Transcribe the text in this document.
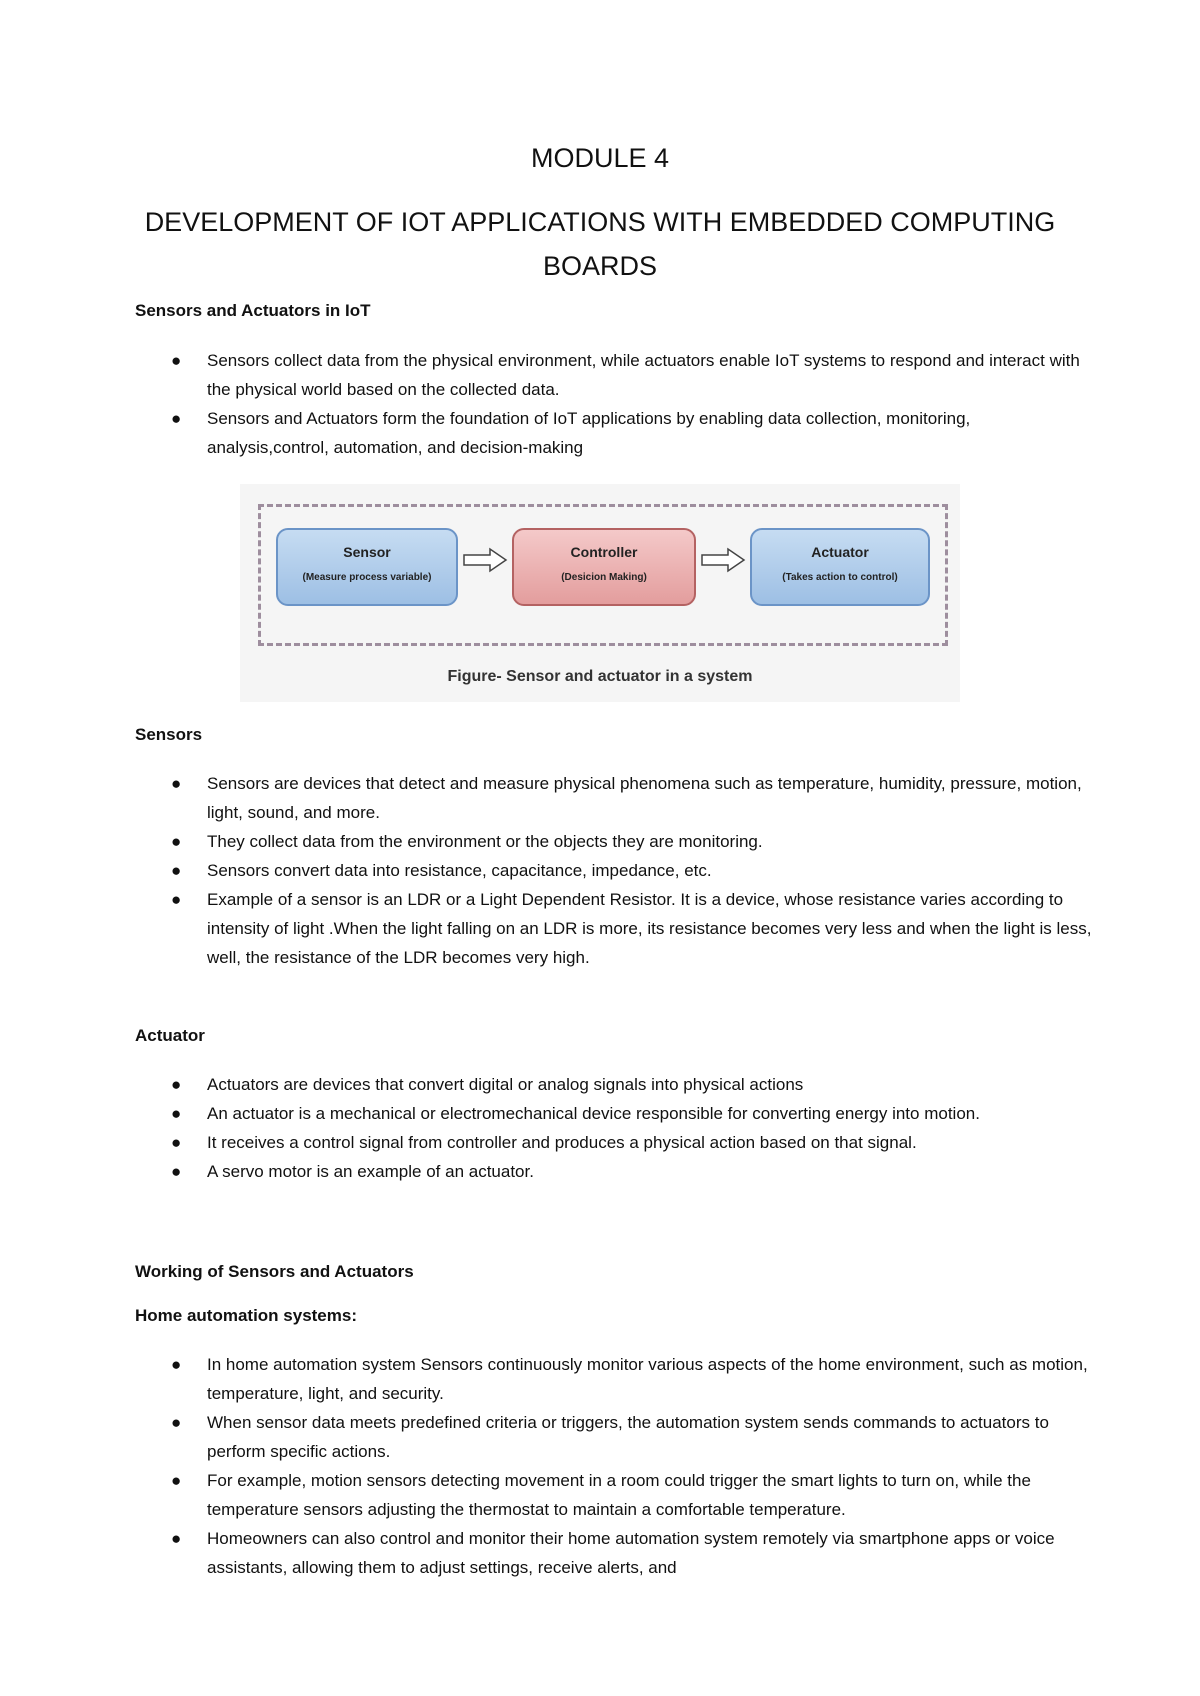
MODULE 4
DEVELOPMENT OF IOT APPLICATIONS WITH EMBEDDED COMPUTING BOARDS
Sensors and Actuators in IoT
● Sensors collect data from the physical environment, while actuators enable IoT systems to respond and interact with the physical world based on the collected data.
● Sensors and Actuators form the foundation of IoT applications by enabling data collection, monitoring, analysis,control, automation, and decision-making
Sensor
(Measure process variable)
Controller
(Desicion Making)
Actuator
(Takes action to control)
Figure- Sensor and actuator in a system
Sensors
● Sensors are devices that detect and measure physical phenomena such as temperature, humidity, pressure, motion, light, sound, and more.
● They collect data from the environment or the objects they are monitoring.
● Sensors convert data into resistance, capacitance, impedance, etc.
● Example of a sensor is an LDR or a Light Dependent Resistor. It is a device, whose resistance varies according to intensity of light .When the light falling on an LDR is more, its resistance becomes very less and when the light is less, well, the resistance of the LDR becomes very high.
Actuator
● Actuators are devices that convert digital or analog signals into physical actions
● An actuator is a mechanical or electromechanical device responsible for converting energy into motion.
● It receives a control signal from controller and produces a physical action based on that signal.
● A servo motor is an example of an actuator.
Working of Sensors and Actuators
Home automation systems:
● In home automation system Sensors continuously monitor various aspects of the home environment, such as motion, temperature, light, and security.
● When sensor data meets predefined criteria or triggers, the automation system sends commands to actuators to perform specific actions.
● For example, motion sensors detecting movement in a room could trigger the smart lights to turn on, while the temperature sensors adjusting the thermostat to maintain a comfortable temperature.
● Homeowners can also control and monitor their home automation system remotely via smartphone apps or voice assistants, allowing them to adjust settings, receive alerts, and
